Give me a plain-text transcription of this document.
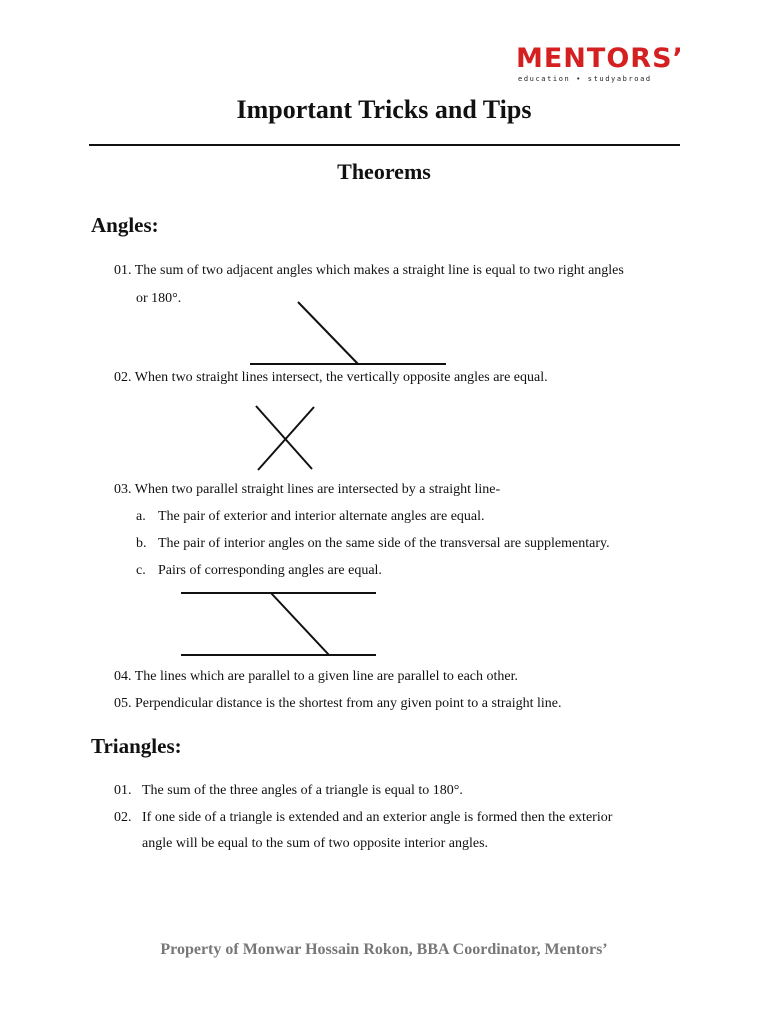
MENTORS’
education • studyabroad
Important Tricks and Tips
Theorems
Angles:
01. The sum of two adjacent angles which makes a straight line is equal to two right angles
or 180°.
02. When two straight lines intersect, the vertically opposite angles are equal.
03. When two parallel straight lines are intersected by a straight line-
a. The pair of exterior and interior alternate angles are equal.
b. The pair of interior angles on the same side of the transversal are supplementary.
c. Pairs of corresponding angles are equal.
04. The lines which are parallel to a given line are parallel to each other.
05. Perpendicular distance is the shortest from any given point to a straight line.
Triangles:
01. The sum of the three angles of a triangle is equal to 180°.
02. If one side of a triangle is extended and an exterior angle is formed then the exterior
angle will be equal to the sum of two opposite interior angles.
Property of Monwar Hossain Rokon, BBA Coordinator, Mentors’
